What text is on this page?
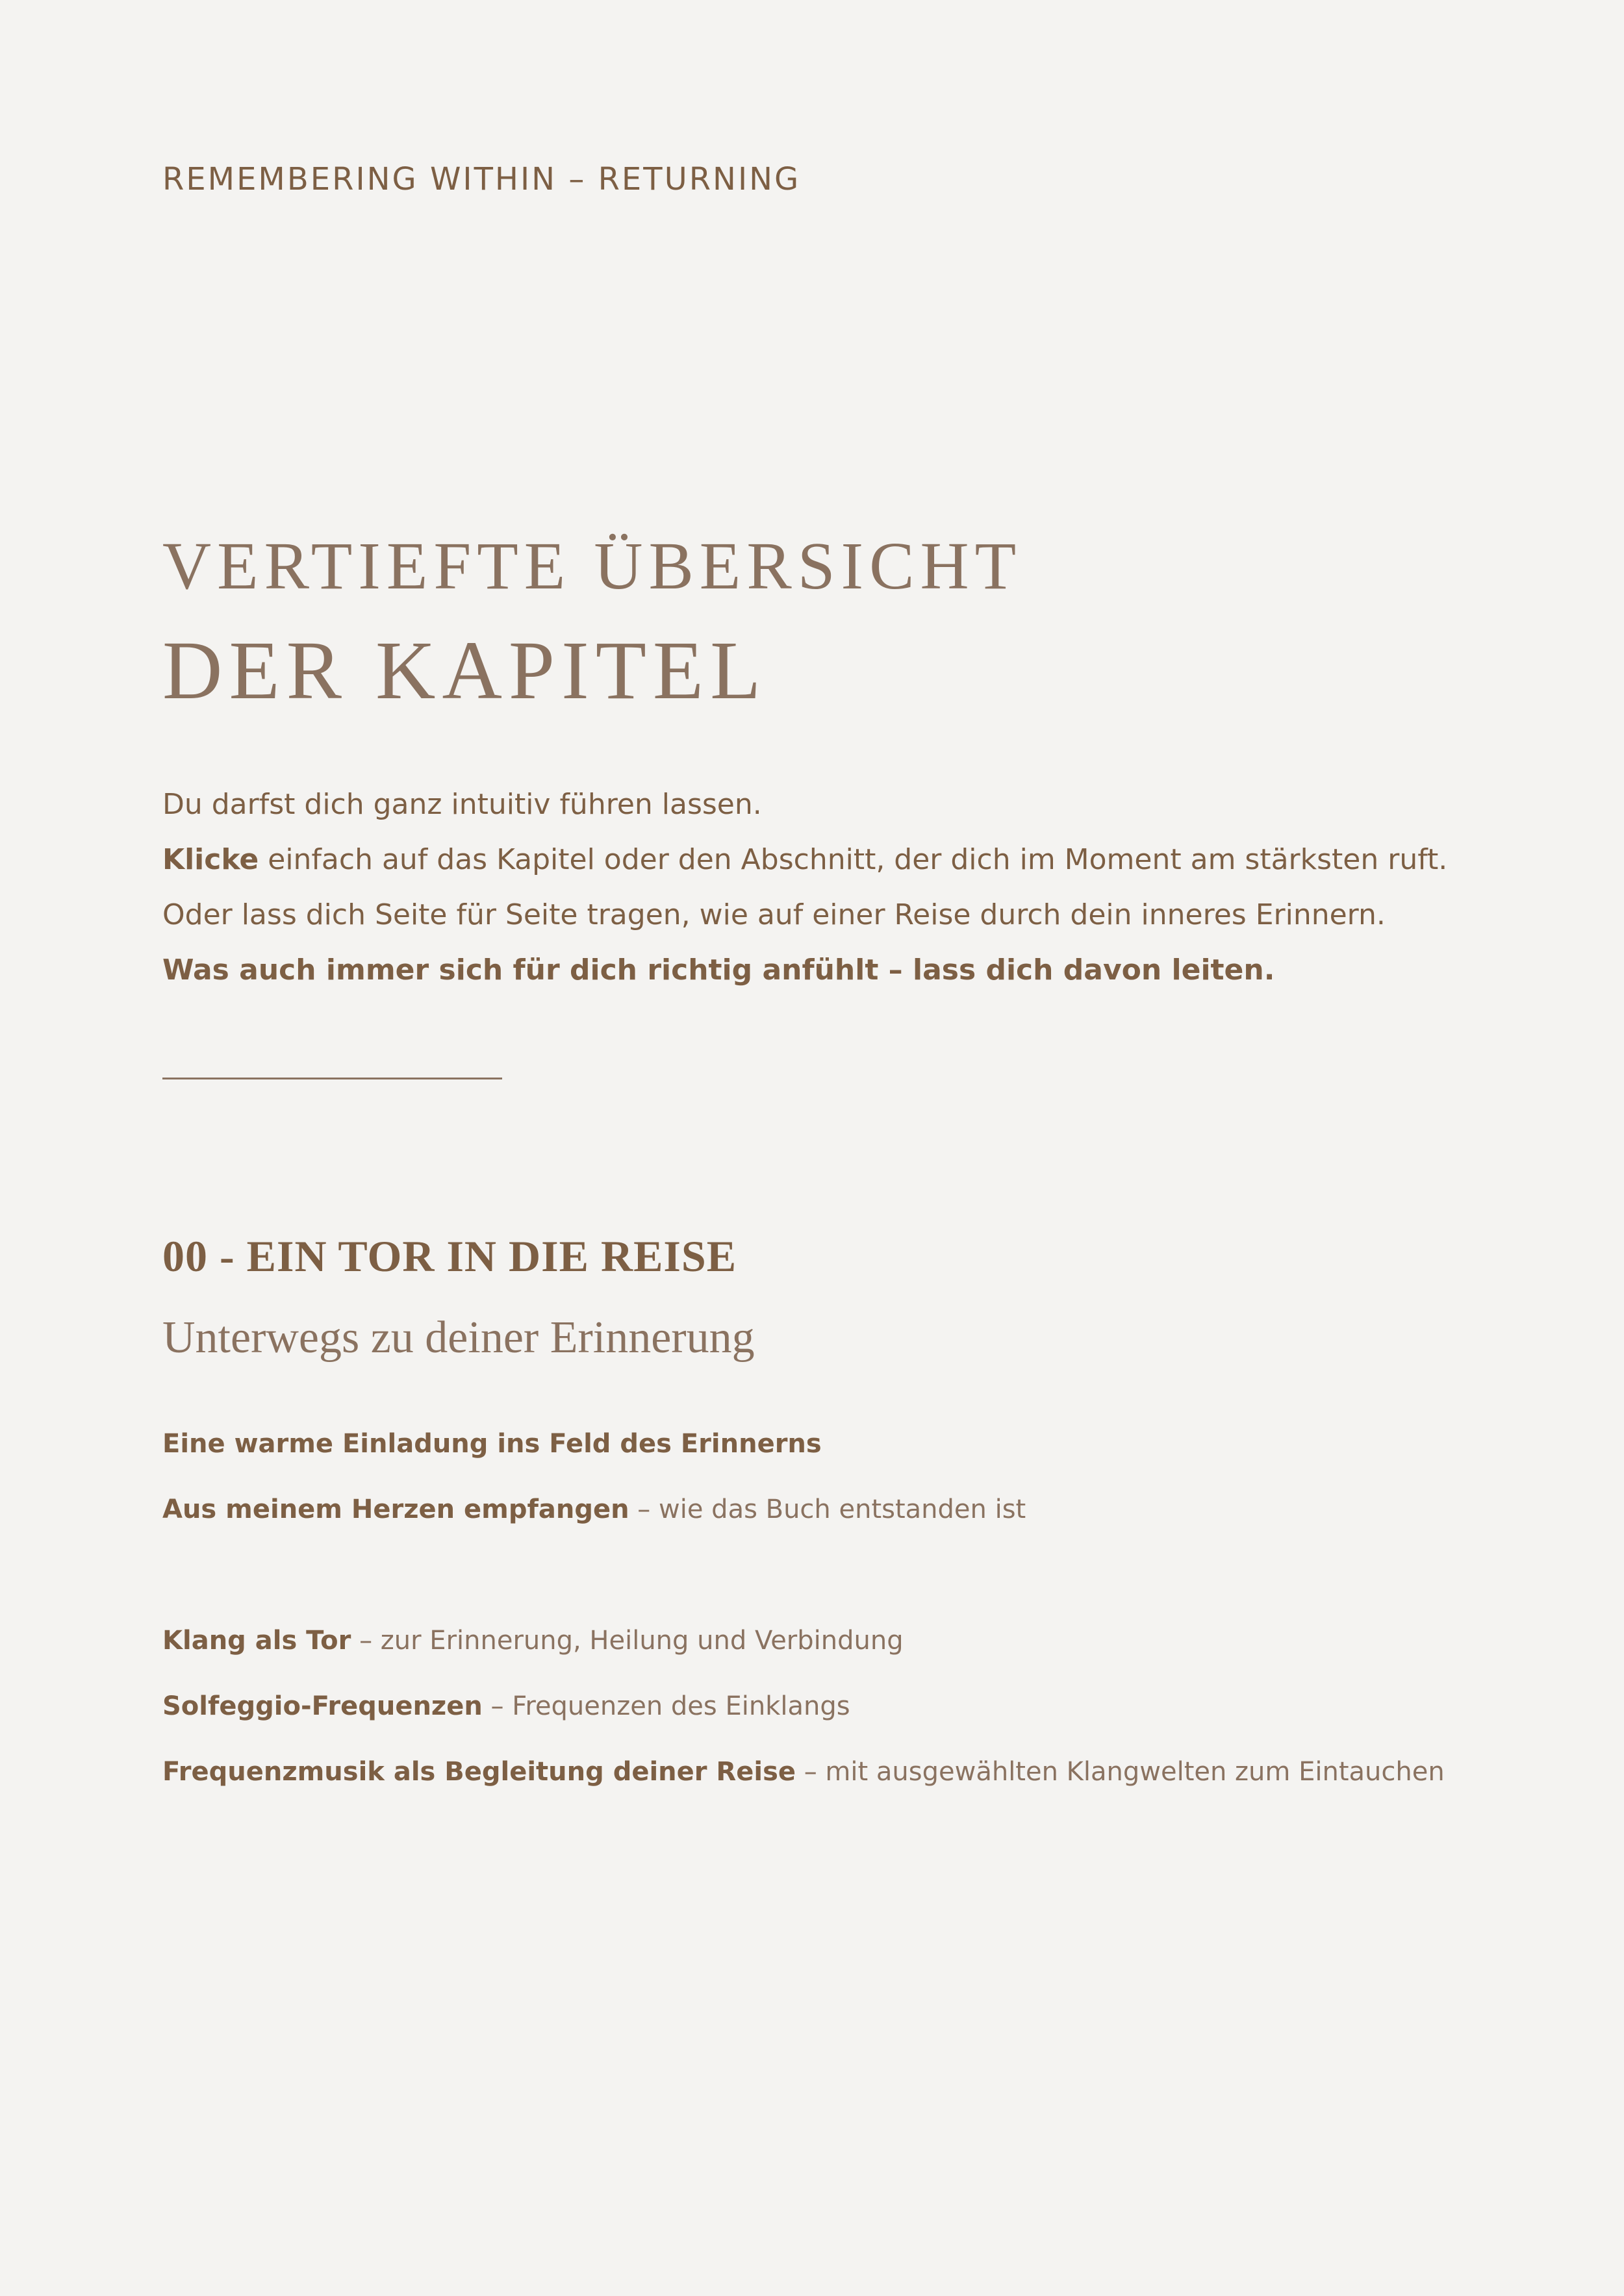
REMEMBERING WITHIN – RETURNING
VERTIEFTE ÜBERSICHT
DER KAPITEL

Du darfst dich ganz intuitiv führen lassen.

Klicke einfach auf das Kapitel oder den Abschnitt, der dich im Moment am stärksten ruft.

Oder lass dich Seite für Seite tragen, wie auf einer Reise durch dein inneres Erinnern.

Was auch immer sich für dich richtig anfühlt – lass dich davon leiten.

00 - EIN TOR IN DIE REISE
Unterwegs zu deiner Erinnerung
Eine warme Einladung ins Feld des Erinnerns
Aus meinem Herzen empfangen – wie das Buch entstanden ist
Klang als Tor – zur Erinnerung, Heilung und Verbindung
Solfeggio-Frequenzen – Frequenzen des Einklangs
Frequenzmusik als Begleitung deiner Reise – mit ausgewählten Klangwelten zum Eintauchen
